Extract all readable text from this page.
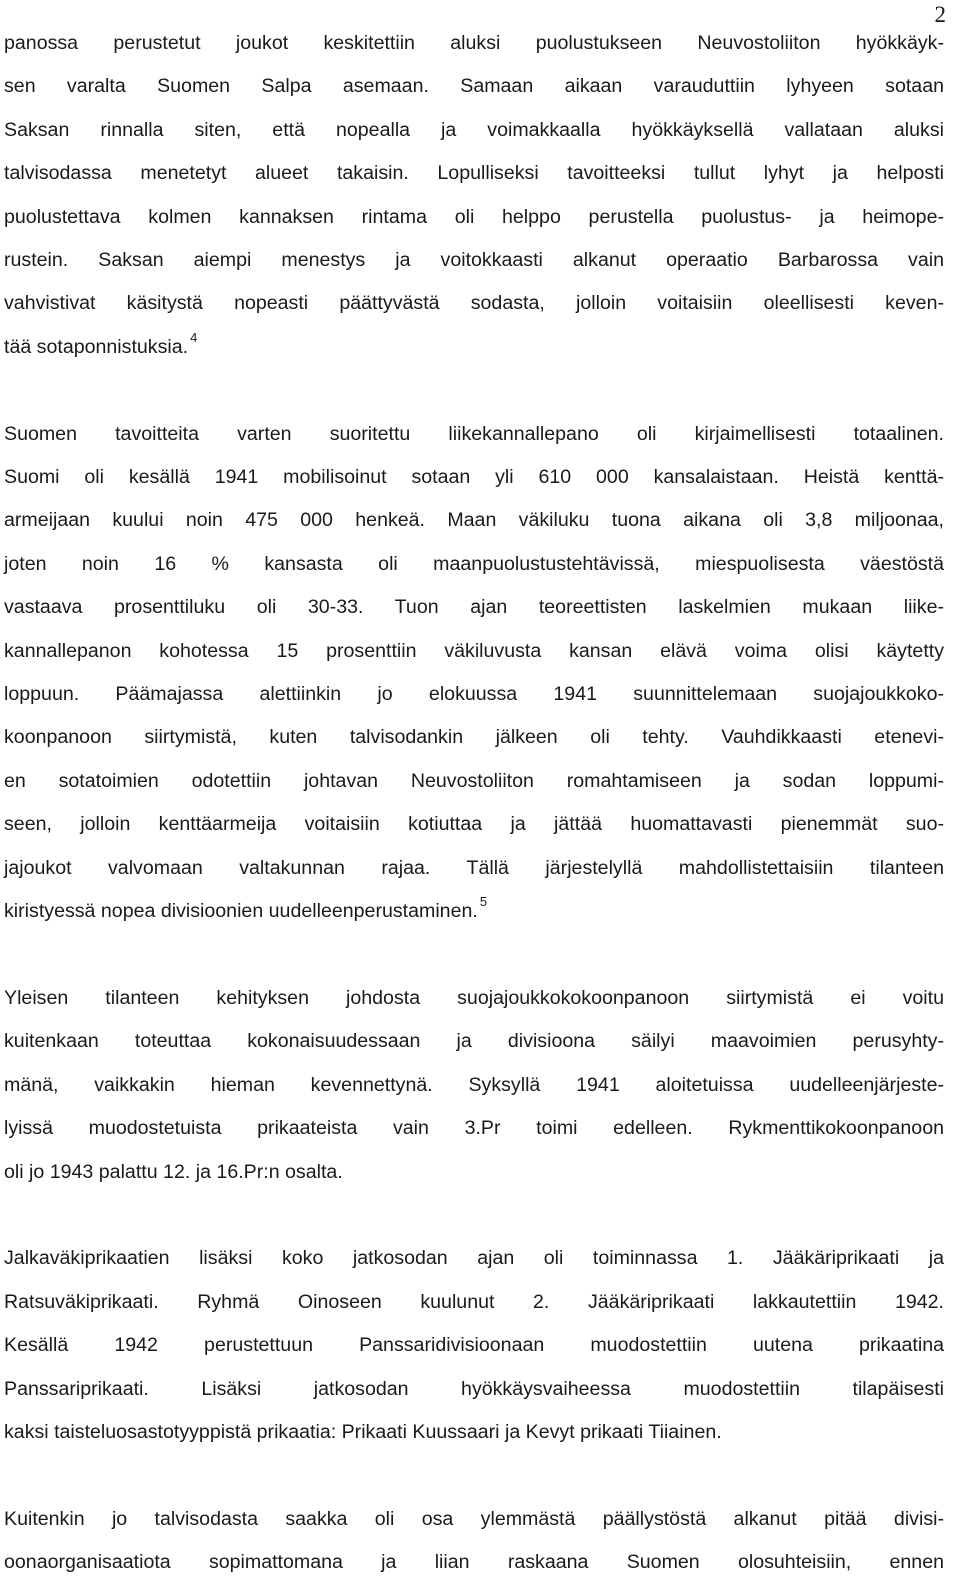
2
panossa perustetut joukot keskitettiin aluksi puolustukseen Neuvostoliiton hyökkäyk-
sen varalta Suomen Salpa asemaan. Samaan aikaan varauduttiin lyhyeen sotaan
Saksan rinnalla siten, että nopealla ja voimakkaalla hyökkäyksellä vallataan aluksi
talvisodassa menetetyt alueet takaisin. Lopulliseksi tavoitteeksi tullut lyhyt ja helposti
puolustettava kolmen kannaksen rintama oli helppo perustella puolustus- ja heimope-
rustein. Saksan aiempi menestys ja voitokkaasti alkanut operaatio Barbarossa vain
vahvistivat käsitystä nopeasti päättyvästä sodasta, jolloin voitaisiin oleellisesti keven-
tää sotaponnistuksia. $^4$
Suomen tavoitteita varten suoritettu liikekannallepano oli kirjaimellisesti totaalinen.
Suomi oli kesällä 1941 mobilisoinut sotaan yli 610 000 kansalaistaan. Heistä kenttä-
armeijaan kuului noin 475 000 henkeä. Maan väkiluku tuona aikana oli 3,8 miljoonaa,
joten noin 16 % kansasta oli maanpuolustustehtävissä, miespuolisesta väestöstä
vastaava prosenttiluku oli 30-33. Tuon ajan teoreettisten laskelmien mukaan liike-
kannallepanon kohotessa 15 prosenttiin väkiluvusta kansan elävä voima olisi käytetty
loppuun. Päämajassa alettiinkin jo elokuussa 1941 suunnittelemaan suojajoukkoko-
koonpanoon siirtymistä, kuten talvisodankin jälkeen oli tehty. Vauhdikkaasti etenevi-
en sotatoimien odotettiin johtavan Neuvostoliiton romahtamiseen ja sodan loppumi-
seen, jolloin kenttäarmeija voitaisiin kotiuttaa ja jättää huomattavasti pienemmät suo-
jajoukot valvomaan valtakunnan rajaa. Tällä järjestelyllä mahdollistettaisiin tilanteen
kiristyessä nopea divisioonien uudelleenperustaminen. $^5$
Yleisen tilanteen kehityksen johdosta suojajoukkokokoonpanoon siirtymistä ei voitu
kuitenkaan toteuttaa kokonaisuudessaan ja divisioona säilyi maavoimien perusyhty-
mänä, vaikkakin hieman kevennettynä. Syksyllä 1941 aloitetuissa uudelleenjärjeste-
lyissä muodostetuista prikaateista vain 3.Pr toimi edelleen. Rykmenttikokoonpanoon
oli jo 1943 palattu 12. ja 16.Pr:n osalta.
Jalkaväkiprikaatien lisäksi koko jatkosodan ajan oli toiminnassa 1. Jääkäriprikaati ja
Ratsuväkiprikaati. Ryhmä Oinoseen kuulunut 2. Jääkäriprikaati lakkautettiin 1942.
Kesällä 1942 perustettuun Panssaridivisioonaan muodostettiin uutena prikaatina
Panssariprikaati. Lisäksi jatkosodan hyökkäysvaiheessa muodostettiin tilapäisesti
kaksi taisteluosastotyyppistä prikaatia: Prikaati Kuussaari ja Kevyt prikaati Tiiainen.
Kuitenkin jo talvisodasta saakka oli osa ylemmästä päällystöstä alkanut pitää divisi-
oonaorganisaatiota sopimattomana ja liian raskaana Suomen olosuhteisiin, ennen
